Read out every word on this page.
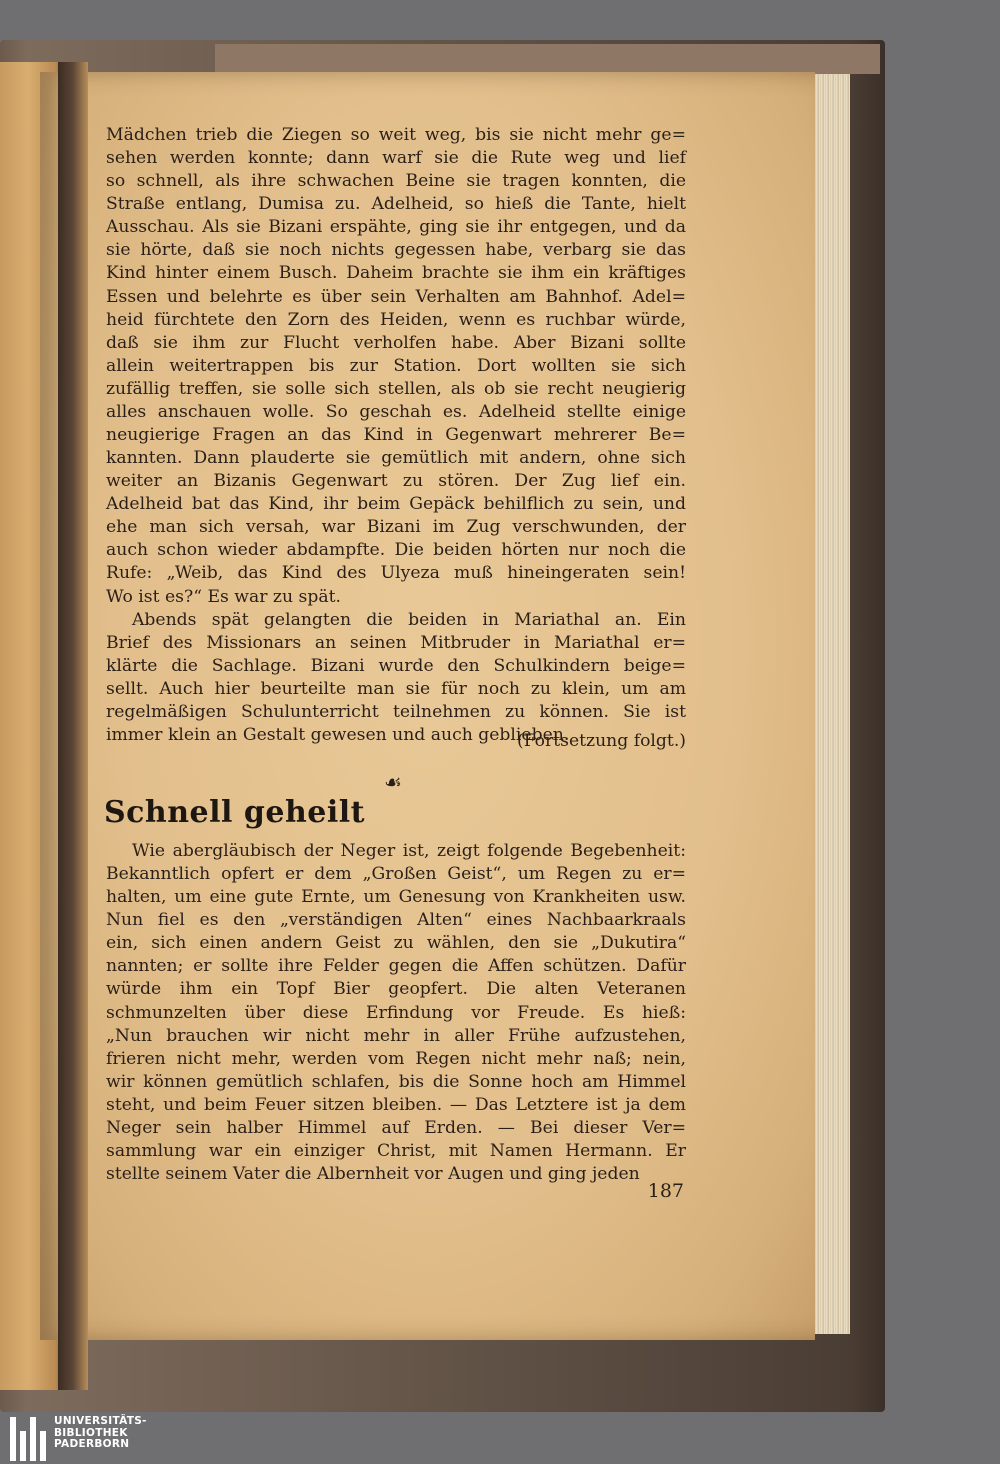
Mädchen trieb die Ziegen so weit weg, bis sie nicht mehr ge=
sehen werden konnte; dann warf sie die Rute weg und lief
so schnell, als ihre schwachen Beine sie tragen konnten, die
Straße entlang, Dumisa zu. Adelheid, so hieß die Tante, hielt
Ausschau. Als sie Bizani erspähte, ging sie ihr entgegen, und da
sie hörte, daß sie noch nichts gegessen habe, verbarg sie das
Kind hinter einem Busch. Daheim brachte sie ihm ein kräftiges
Essen und belehrte es über sein Verhalten am Bahnhof. Adel=
heid fürchtete den Zorn des Heiden, wenn es ruchbar würde,
daß sie ihm zur Flucht verholfen habe. Aber Bizani sollte
allein weitertrappen bis zur Station. Dort wollten sie sich
zufällig treffen, sie solle sich stellen, als ob sie recht neugierig
alles anschauen wolle. So geschah es. Adelheid stellte einige
neugierige Fragen an das Kind in Gegenwart mehrerer Be=
kannten. Dann plauderte sie gemütlich mit andern, ohne sich
weiter an Bizanis Gegenwart zu stören. Der Zug lief ein.
Adelheid bat das Kind, ihr beim Gepäck behilflich zu sein, und
ehe man sich versah, war Bizani im Zug verschwunden, der
auch schon wieder abdampfte. Die beiden hörten nur noch die
Rufe: „Weib, das Kind des Ulyeza muß hineingeraten sein!
Wo ist es?“ Es war zu spät.
Abends spät gelangten die beiden in Mariathal an. Ein
Brief des Missionars an seinen Mitbruder in Mariathal er=
klärte die Sachlage. Bizani wurde den Schulkindern beige=
sellt. Auch hier beurteilte man sie für noch zu klein, um am
regelmäßigen Schulunterricht teilnehmen zu können. Sie ist
immer klein an Gestalt gewesen und auch geblieben.
(Fortsetzung folgt.)
☙
Schnell geheilt
Wie abergläubisch der Neger ist, zeigt folgende Begebenheit:
Bekanntlich opfert er dem „Großen Geist“, um Regen zu er=
halten, um eine gute Ernte, um Genesung von Krankheiten usw.
Nun fiel es den „verständigen Alten“ eines Nachbaarkraals
ein, sich einen andern Geist zu wählen, den sie „Dukutira“
nannten; er sollte ihre Felder gegen die Affen schützen. Dafür
würde ihm ein Topf Bier geopfert. Die alten Veteranen
schmunzelten über diese Erfindung vor Freude. Es hieß:
„Nun brauchen wir nicht mehr in aller Frühe aufzustehen,
frieren nicht mehr, werden vom Regen nicht mehr naß; nein,
wir können gemütlich schlafen, bis die Sonne hoch am Himmel
steht, und beim Feuer sitzen bleiben. — Das Letztere ist ja dem
Neger sein halber Himmel auf Erden. — Bei dieser Ver=
sammlung war ein einziger Christ, mit Namen Hermann. Er
stellte seinem Vater die Albernheit vor Augen und ging jeden
187
UNIVERSITÄTS-
BIBLIOTHEK
PADERBORN
